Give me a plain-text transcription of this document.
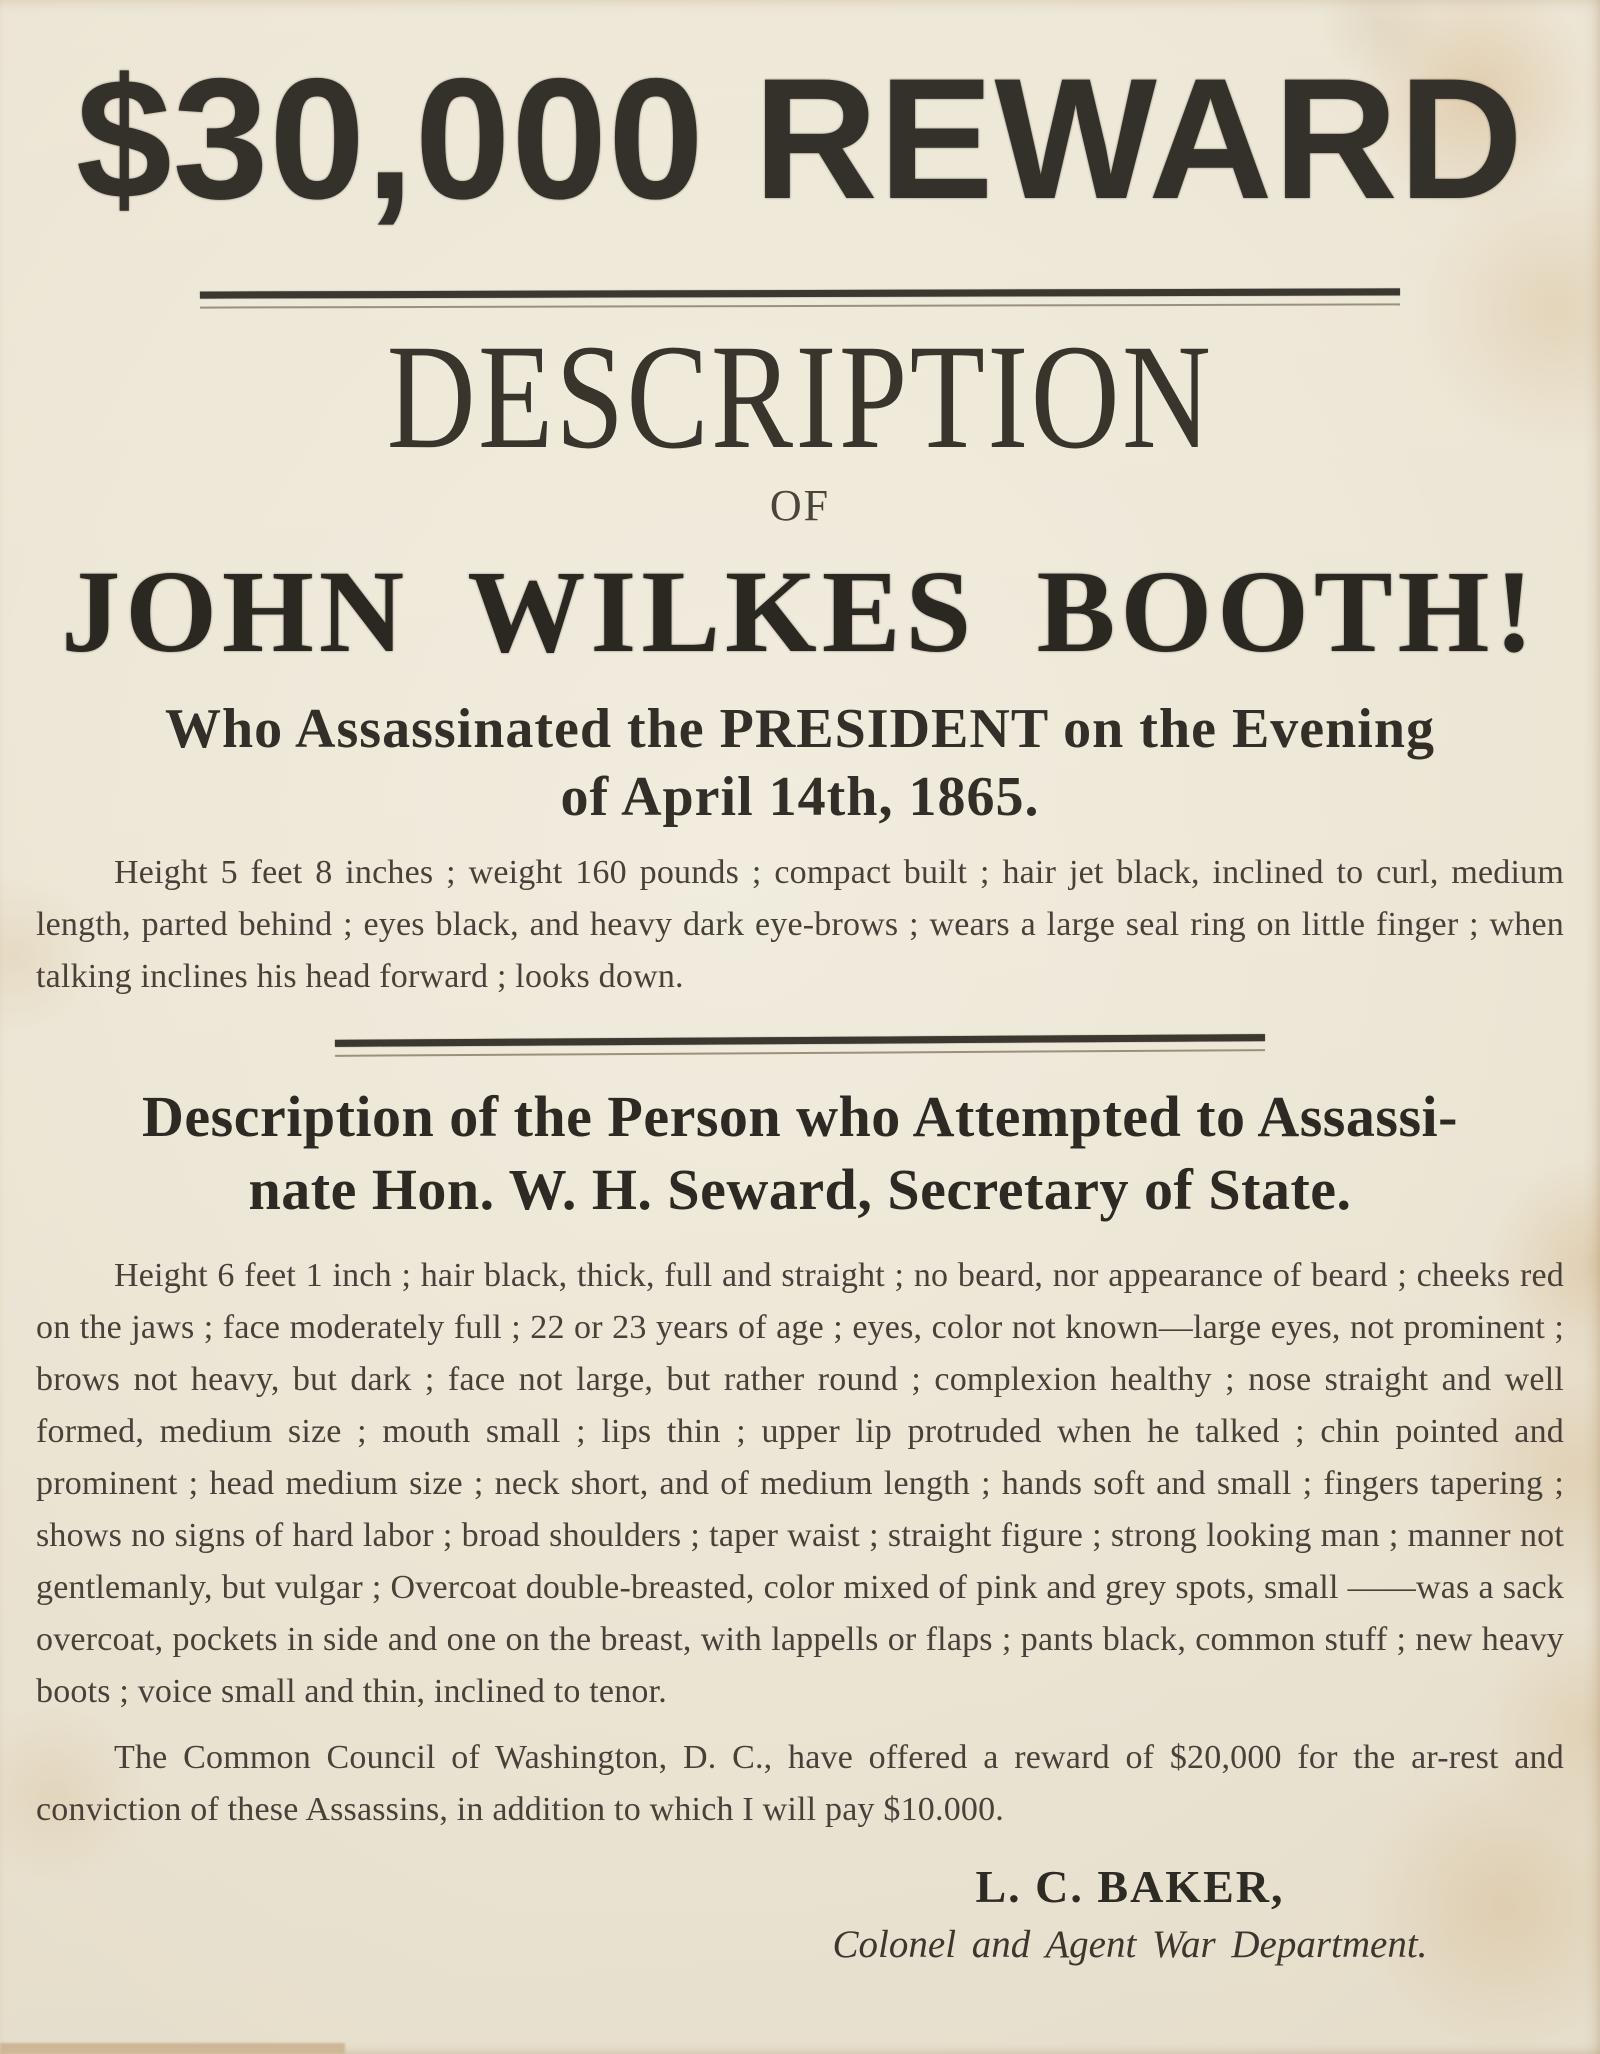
$30,000 REWARD
DESCRIPTION

OF

JOHN WILKES BOOTH!

Who Assassinated the PRESIDENT on the Evening
of April 14th, 1865.

Height 5 feet 8 inches ; weight 160 pounds ; compact built ; hair jet black, inclined to curl, medium length, parted behind ; eyes black, and heavy dark eye-brows ; wears a large seal ring on little finger ; when talking inclines his head forward ; looks down.

Description of the Person who Attempted to Assassi-
nate Hon. W. H. Seward, Secretary of State.

Height 6 feet 1 inch ; hair black, thick, full and straight ; no beard, nor appearance of beard ; cheeks red on the jaws ; face moderately full ; 22 or 23 years of age ; eyes, color not known—large eyes, not prominent ; brows not heavy, but dark ; face not large, but rather round ; complexion healthy ; nose straight and well formed, medium size ; mouth small ; lips thin ; upper lip protruded when he talked ; chin pointed and prominent ; head medium size ; neck short, and of medium length ; hands soft and small ; fingers tapering ; shows no signs of hard labor ; broad shoulders ; taper waist ; straight figure ; strong looking man ; manner not gentlemanly, but vulgar ; Overcoat double-breasted, color mixed of pink and grey spots, small ——was a sack overcoat, pockets in side and one on the breast, with lappells or flaps ; pants black, common stuff ; new heavy boots ; voice small and thin, inclined to tenor.

The Common Council of Washington, D. C., have offered a reward of $20,000 for the ar-rest and conviction of these Assassins, in addition to which I will pay $10.000.

L. C. BAKER,

Colonel and Agent War Department.
